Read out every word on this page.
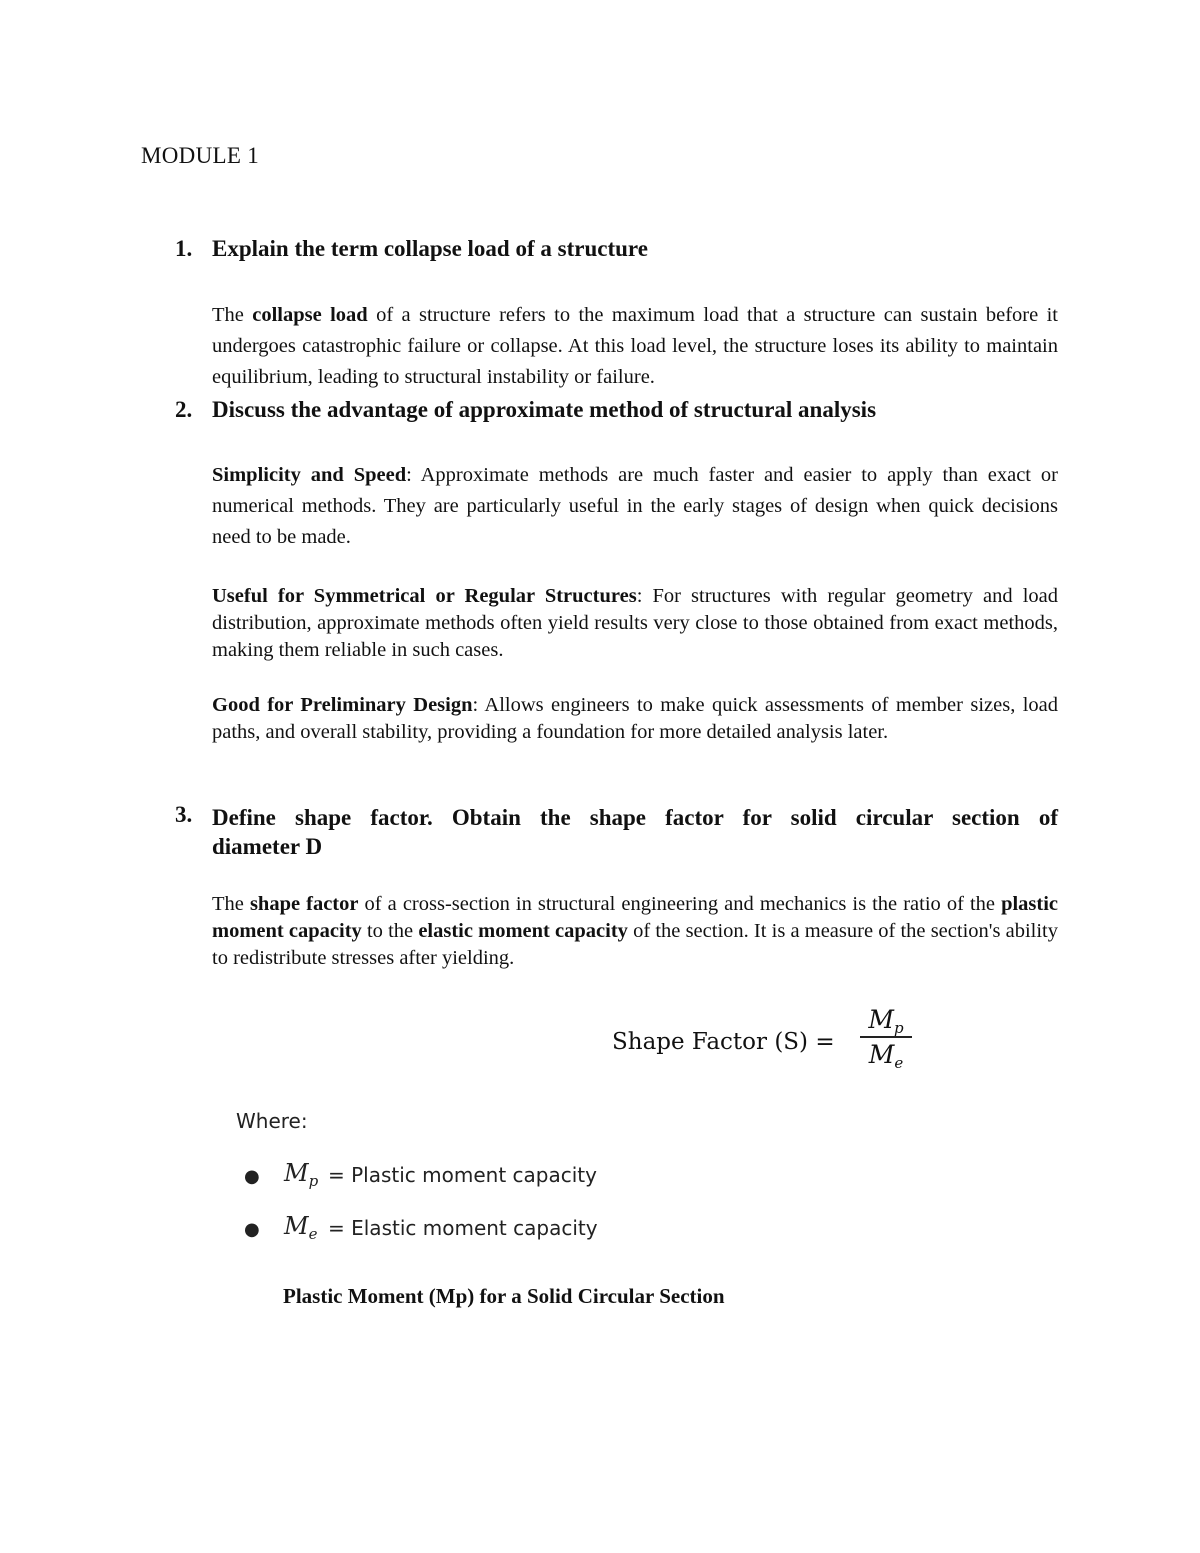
MODULE 1
1. Explain the term collapse load of a structure
The collapse load of a structure refers to the maximum load that a structure can sustain before it undergoes catastrophic failure or collapse. At this load level, the structure loses its ability to maintain equilibrium, leading to structural instability or failure.
2. Discuss the advantage of approximate method of structural analysis
Simplicity and Speed: Approximate methods are much faster and easier to apply than exact or numerical methods. They are particularly useful in the early stages of design when quick decisions need to be made.
Useful for Symmetrical or Regular Structures: For structures with regular geometry and load distribution, approximate methods often yield results very close to those obtained from exact methods, making them reliable in such cases.
Good for Preliminary Design: Allows engineers to make quick assessments of member sizes, load paths, and overall stability, providing a foundation for more detailed analysis later.
3. Define shape factor. Obtain the shape factor for solid circular section of
diameter D
The shape factor of a cross-section in structural engineering and mechanics is the ratio of the plastic moment capacity to the elastic moment capacity of the section. It is a measure of the section's ability to redistribute stresses after yielding.
Shape Factor (S) =
$M_p$
$M_e$
Where:
● $M_p$ = Plastic moment capacity
● $M_e$ = Elastic moment capacity
Plastic Moment (Mp) for a Solid Circular Section
